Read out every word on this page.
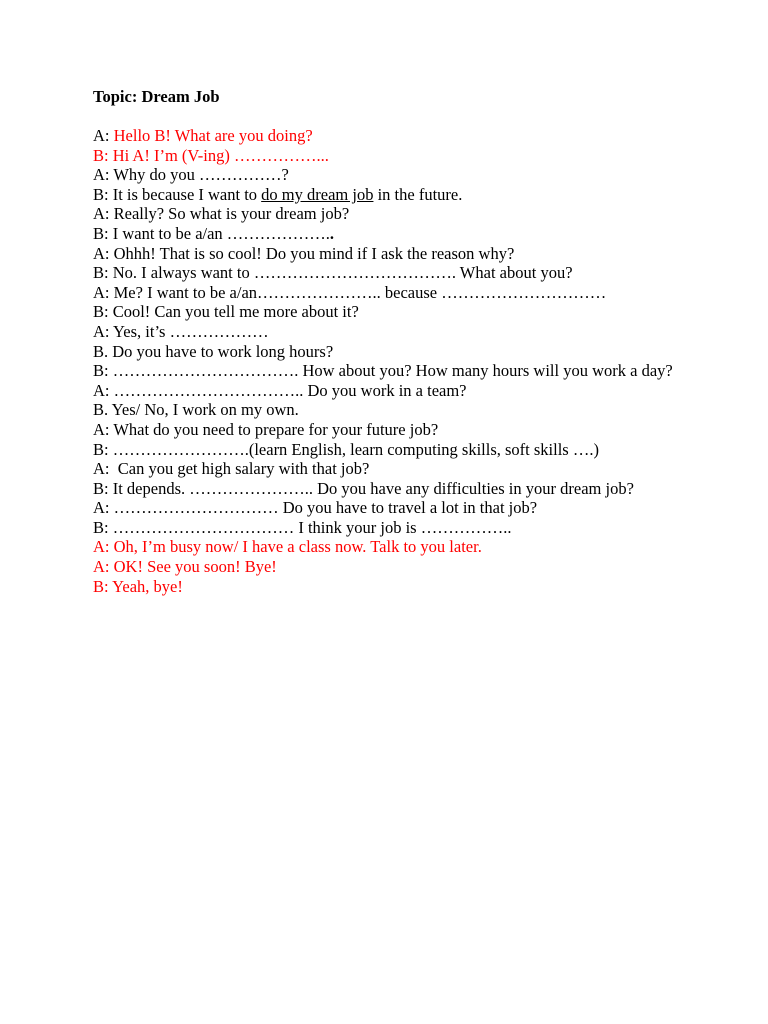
Topic: Dream Job

A: Hello B! What are you doing?

B: Hi A! I’m (V-ing) ……………...

A: Why do you ……………?

B: It is because I want to do my dream job in the future.

A: Really? So what is your dream job?

B: I want to be a/an ………………..

A: Ohhh! That is so cool! Do you mind if I ask the reason why?

B: No. I always want to ………………………………. What about you?

A: Me? I want to be a/an………………….. because …………………………

B: Cool! Can you tell me more about it?

A: Yes, it’s ………………

B. Do you have to work long hours?

B: ……………………………. How about you? How many hours will you work a day?

A: …………………………….. Do you work in a team?

B. Yes/ No, I work on my own.

A: What do you need to prepare for your future job?

B: …………………….(learn English, learn computing skills, soft skills ….)

A:  Can you get high salary with that job?

B: It depends. ………………….. Do you have any difficulties in your dream job?

A: ………………………… Do you have to travel a lot in that job?

B: …………………………… I think your job is ……………..

A: Oh, I’m busy now/ I have a class now. Talk to you later.

A: OK! See you soon! Bye!

B: Yeah, bye!
